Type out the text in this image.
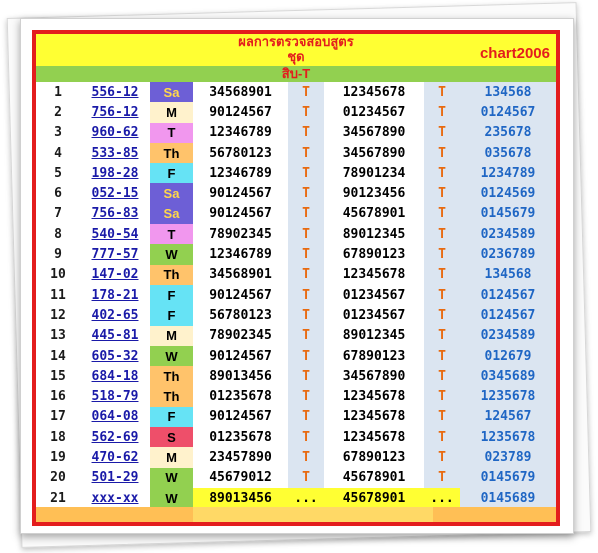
ผลการตรวจสอบสูตร
ชุด	chart2006
สิบ-T
1	556-12	Sa	34568901	T	12345678	T	134568
2	756-12	M	90124567	T	01234567	T	0124567
3	960-62	T	12346789	T	34567890	T	235678
4	533-85	Th	56780123	T	34567890	T	035678
5	198-28	F	12346789	T	78901234	T	1234789
6	052-15	Sa	90124567	T	90123456	T	0124569
7	756-83	Sa	90124567	T	45678901	T	0145679
8	540-54	T	78902345	T	89012345	T	0234589
9	777-57	W	12346789	T	67890123	T	0236789
10	147-02	Th	34568901	T	12345678	T	134568
11	178-21	F	90124567	T	01234567	T	0124567
12	402-65	F	56780123	T	01234567	T	0124567
13	445-81	M	78902345	T	89012345	T	0234589
14	605-32	W	90124567	T	67890123	T	012679
15	684-18	Th	89013456	T	34567890	T	0345689
16	518-79	Th	01235678	T	12345678	T	1235678
17	064-08	F	90124567	T	12345678	T	124567
18	562-69	S	01235678	T	12345678	T	1235678
19	470-62	M	23457890	T	67890123	T	023789
20	501-29	W	45679012	T	45678901	T	0145679
21	xxx-xx	W	89013456	...	45678901	...	0145689
